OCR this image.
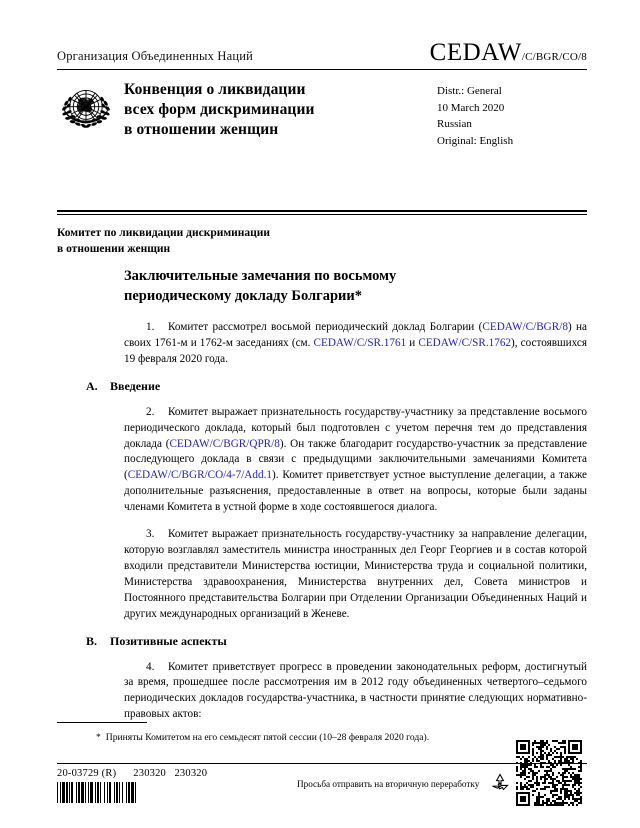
Организация Объединенных Наций	CEDAW /C/BGR/CO/8
Конвенция о ликвидации
всех форм дискриминации
в отношении женщин
Distr.: General
10 March 2020
Russian
Original: English
Комитет по ликвидации дискриминации
в отношении женщин
Заключительные замечания по восьмому
периодическому докладу Болгарии*

1. Комитет рассмотрел восьмой периодический доклад Болгарии (CEDAW/C/BGR/8) на своих 1761-м и 1762-м заседаниях (см. CEDAW/C/SR.1761 и CEDAW/C/SR.1762), состоявшихся 19 февраля 2020 года.

A.	Введение

2. Комитет выражает признательность государству-участнику за представление восьмого периодического доклада, который был подготовлен с учетом перечня тем до представления доклада (CEDAW/C/BGR/QPR/8). Он также благодарит государство-участник за представление последующего доклада в связи с предыдущими заключительными замечаниями Комитета (CEDAW/C/BGR/CO/4-7/Add.1). Комитет приветствует устное выступление делегации, а также дополнительные разъяснения, предоставленные в ответ на вопросы, которые были заданы членами Комитета в устной форме в ходе состоявшегося диалога.

3. Комитет выражает признательность государству-участнику за направление делегации, которую возглавлял заместитель министра иностранных дел Георг Георгиев и в состав которой входили представители Министерства юстиции, Министерства труда и социальной политики, Министерства здравоохранения, Министерства внутренних дел, Совета министров и Постоянного представительства Болгарии при Отделении Организации Объединенных Наций и других международных организаций в Женеве.

B.	Позитивные аспекты

4. Комитет приветствует прогресс в проведении законодательных реформ, достигнутый за время, прошедшее после рассмотрения им в 2012 году объединенных четвертого–седьмого периодических докладов государства-участника, в частности принятие следующих нормативно-правовых актов:

* Приняты Комитетом на его семьдесят пятой сессии (10–28 февраля 2020 года).
20-03729 (R)	230320   230320
Просьба отправить на вторичную переработку
